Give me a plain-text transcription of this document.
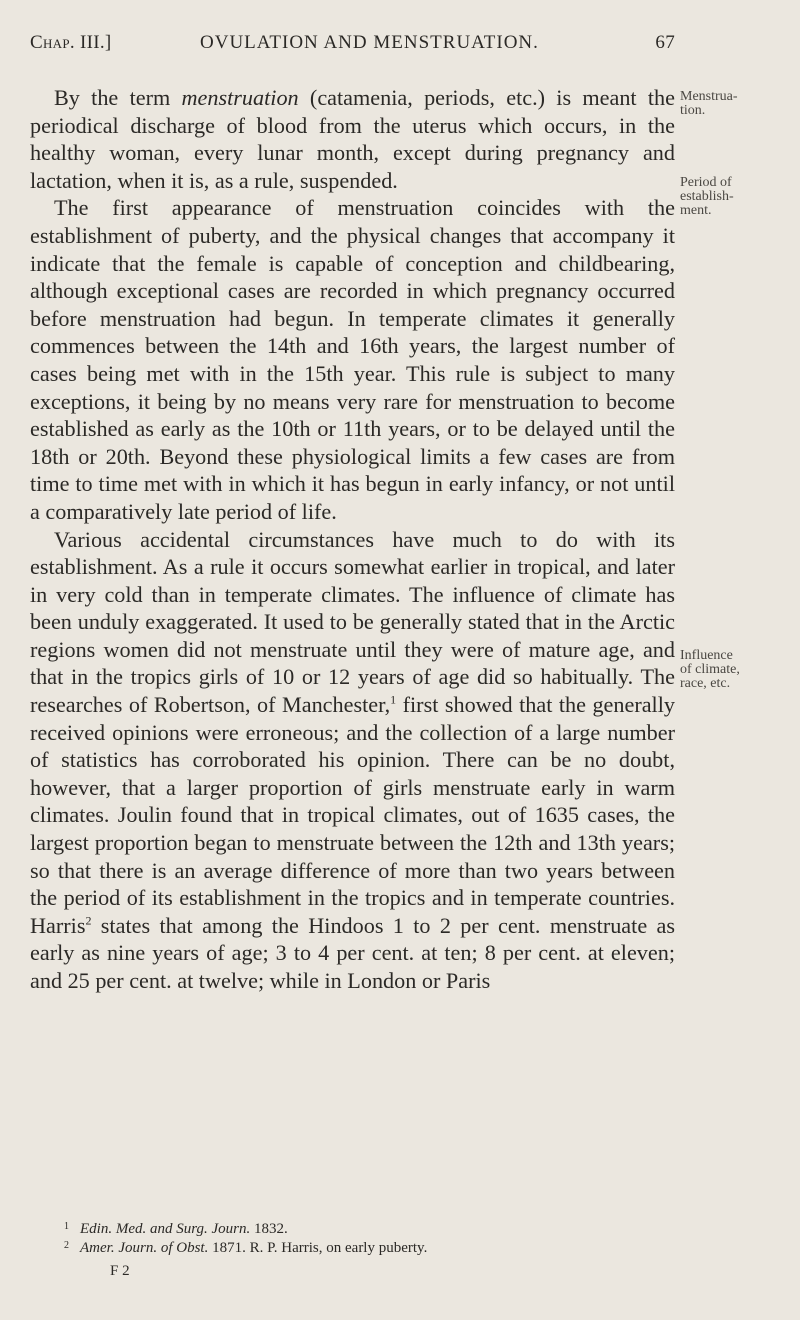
Chap. III.]	OVULATION AND MENSTRUATION.	67

By the term menstruation (catamenia, periods, etc.) is meant the periodical discharge of blood from the uterus which occurs, in the healthy woman, every lunar month, except during pregnancy and lactation, when it is, as a rule, suspended.

The first appearance of menstruation coincides with the establishment of puberty, and the physical changes that accompany it indicate that the female is capable of conception and childbearing, although exceptional cases are recorded in which pregnancy occurred before menstruation had begun. In temperate climates it generally commences between the 14th and 16th years, the largest number of cases being met with in the 15th year. This rule is subject to many exceptions, it being by no means very rare for menstruation to become established as early as the 10th or 11th years, or to be delayed until the 18th or 20th. Beyond these physiological limits a few cases are from time to time met with in which it has begun in early infancy, or not until a comparatively late period of life.

Various accidental circumstances have much to do with its establishment. As a rule it occurs somewhat earlier in tropical, and later in very cold than in temperate climates. The influence of climate has been unduly exaggerated. It used to be generally stated that in the Arctic regions women did not menstruate until they were of mature age, and that in the tropics girls of 10 or 12 years of age did so habitually. The researches of Robertson, of Manchester,$^1$ first showed that the generally received opinions were erroneous; and the collection of a large number of statistics has corroborated his opinion. There can be no doubt, however, that a larger proportion of girls menstruate early in warm climates. Joulin found that in tropical climates, out of 1635 cases, the largest proportion began to menstruate between the 12th and 13th years; so that there is an average difference of more than two years between the period of its establishment in the tropics and in temperate countries. Harris$^2$ states that among the Hindoos 1 to 2 per cent. menstruate as early as nine years of age; 3 to 4 per cent. at ten; 8 per cent. at eleven; and 25 per cent. at twelve; while in London or Paris

Menstrua-
tion.
Period of
establish-
ment.
Influence
of climate,
race, etc.
1 Edin. Med. and Surg. Journ. 1832.
2 Amer. Journ. of Obst. 1871. R. P. Harris, on early puberty.
F 2
